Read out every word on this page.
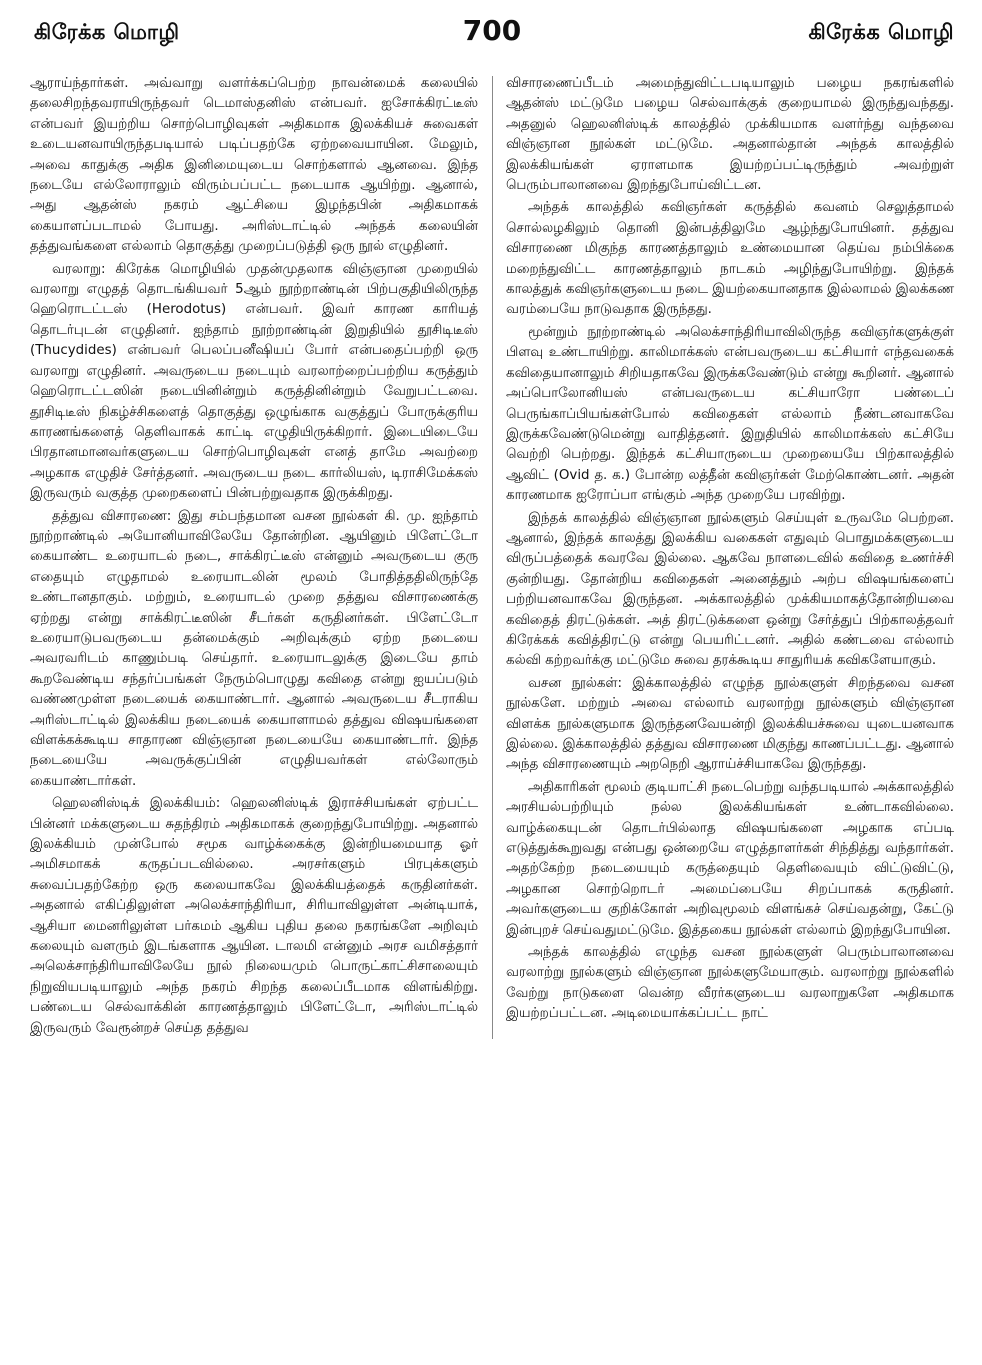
கிரேக்க மொழி	700	கிரேக்க மொழி

ஆராய்ந்தார்கள். அவ்வாறு வளர்க்கப்பெற்ற நாவன்மைக் கலையில் தலைசிறந்தவராயிருந்தவர் டெமாஸ்தனிஸ் என்பவர். ஐசோக்கிரட்டீஸ் என்பவர் இயற்றிய சொற்பொழிவுகள் அதிகமாக இலக்கியச் சுவைகள் உடையனவாயிருந்தபடியால் படிப்பதற்கே ஏற்றவையாயின. மேலும், அவை காதுக்கு அதிக இனிமையுடைய சொற்களால் ஆனவை. இந்த நடையே எல்லோராலும் விரும்பப்பட்ட நடையாக ஆயிற்று. ஆனால், அது ஆதன்ஸ் நகரம் ஆட்சியை இழந்தபின் அதிகமாகக் கையாளப்படாமல் போயது. அரிஸ்டாட்டில் அந்தக் கலையின் தத்துவங்களை எல்லாம் தொகுத்து முறைப்படுத்தி ஒரு நூல் எழுதினர்.

வரலாறு: கிரேக்க மொழியில் முதன்முதலாக விஞ்ஞான முறையில் வரலாறு எழுதத் தொடங்கியவர் 5ஆம் நூற்றாண்டின் பிற்பகுதியிலிருந்த ஹெரொடட்டஸ் (Herodotus) என்பவர். இவர் காரண காரியத் தொடர்புடன் எழுதினர். ஐந்தாம் நூற்றாண்டின் இறுதியில் தூசிடிடீஸ் (Thucydides) என்பவர் பெலப்பனீஷியப் போர் என்பதைப்பற்றி ஒரு வரலாறு எழுதினர். அவருடைய நடையும் வரலாற்றைப்பற்றிய கருத்தும் ஹெரொடட்டஸின் நடையினின்றும் கருத்தினின்றும் வேறுபட்டவை. தூசிடிடீஸ் நிகழ்ச்சிகளைத் தொகுத்து ஒழுங்காக வகுத்துப் போருக்குரிய காரணங்களைத் தெளிவாகக் காட்டி எழுதியிருக்கிறார். இடையிடையே பிரதானமானவர்களுடைய சொற்பொழிவுகள் எனத் தாமே அவற்றை அழகாக எழுதிச் சேர்த்தனர். அவருடைய நடை கார்லியஸ், டிராசிமேக்கஸ் இருவரும் வகுத்த முறைகளைப் பின்பற்றுவதாக இருக்கிறது.

தத்துவ விசாரணை: இது சம்பந்தமான வசன நூல்கள் கி. மு. ஐந்தாம் நூற்றாண்டில் அயோனியாவிலேயே தோன்றின. ஆயினும் பிளேட்டோ கையாண்ட உரையாடல் நடை, சாக்கிரட்டீஸ் என்னும் அவருடைய குரு எதையும் எழுதாமல் உரையாடலின் மூலம் போதித்ததிலிருந்தே உண்டானதாகும். மற்றும், உரையாடல் முறை தத்துவ விசாரணைக்கு ஏற்றது என்று சாக்கிரட்டீஸின் சீடர்கள் கருதினர்கள். பிளேட்டோ உரையாடுபவருடைய தன்மைக்கும் அறிவுக்கும் ஏற்ற நடையை அவரவரிடம் காணும்படி செய்தார். உரையாடலுக்கு இடையே தாம் கூறவேண்டிய சந்தர்ப்பங்கள் நேரும்பொழுது கவிதை என்று ஐயப்படும் வண்ணமுள்ள நடையைக் கையாண்டார். ஆனால் அவருடைய சீடராகிய அரிஸ்டாட்டில் இலக்கிய நடையைக் கையாளாமல் தத்துவ விஷயங்களை விளக்கக்கூடிய சாதாரண விஞ்ஞான நடையையே கையாண்டார். இந்த நடையையே அவருக்குப்பின் எழுதியவர்கள் எல்லோரும் கையாண்டார்கள்.

ஹெலனிஸ்டிக் இலக்கியம்: ஹெலனிஸ்டிக் இராச்சியங்கள் ஏற்பட்ட பின்னர் மக்களுடைய சுதந்திரம் அதிகமாகக் குறைந்துபோயிற்று. அதனால் இலக்கியம் முன்போல் சமூக வாழ்க்கைக்கு இன்றியமையாத ஓர் அமிசமாகக் கருதப்படவில்லை. அரசர்களும் பிரபுக்களும் சுவைப்பதற்கேற்ற ஒரு கலையாகவே இலக்கியத்தைக் கருதினர்கள். அதனால் எகிப்திலுள்ள அலெக்சாந்திரியா, சிரியாவிலுள்ள அன்டியாக், ஆசியா மைனரிலுள்ள பர்கமம் ஆகிய புதிய தலை நகரங்களே அறிவும் கலையும் வளரும் இடங்களாக ஆயின. டாலமி என்னும் அரச வமிசத்தார் அலெக்சாந்திரியாவிலேயே நூல் நிலையமும் பொருட்காட்சிசாலையும் நிறுவியபடியாலும் அந்த நகரம் சிறந்த கலைப்பீடமாக விளங்கிற்று. பண்டைய செல்வாக்கின் காரணத்தாலும் பிளேட்டோ, அரிஸ்டாட்டில் இருவரும் வேரூன்றச் செய்த தத்துவ

விசாரணைப்பீடம் அமைந்துவிட்டபடியாலும் பழைய நகரங்களில் ஆதன்ஸ் மட்டுமே பழைய செல்வாக்குக் குறையாமல் இருந்துவந்தது. அதனுல் ஹெலனிஸ்டிக் காலத்தில் முக்கியமாக வளர்ந்து வந்தவை விஞ்ஞான நூல்கள் மட்டுமே. அதனால்தான் அந்தக் காலத்தில் இலக்கியங்கள் ஏராளமாக இயற்றப்பட்டிருந்தும் அவற்றுள் பெரும்பாலானவை இறந்துபோய்விட்டன.

அந்தக் காலத்தில் கவிஞர்கள் கருத்தில் கவனம் செலுத்தாமல் சொல்லழகிலும் தொனி இன்பத்திலுமே ஆழ்ந்துபோயினர். தத்துவ விசாரணை மிகுந்த காரணத்தாலும் உண்மையான தெய்வ நம்பிக்கை மறைந்துவிட்ட காரணத்தாலும் நாடகம் அழிந்துபோயிற்று. இந்தக் காலத்துக் கவிஞர்களுடைய நடை இயற்கையானதாக இல்லாமல் இலக்கண வரம்பையே நாடுவதாக இருந்தது.

மூன்றும் நூற்றாண்டில் அலெக்சாந்திரியாவிலிருந்த கவிஞர்களுக்குள் பிளவு உண்டாயிற்று. காலிமாக்கஸ் என்பவருடைய கட்சியார் எந்தவகைக் கவிதையானாலும் சிறியதாகவே இருக்கவேண்டும் என்று கூறினர். ஆனால் அப்பொலோனியஸ் என்பவருடைய கட்சியாரோ பண்டைப் பெருங்காப்பியங்கள்போல் கவிதைகள் எல்லாம் நீண்டனவாகவே இருக்கவேண்டுமென்று வாதித்தனர். இறுதியில் காலிமாக்கஸ் கட்சியே வெற்றி பெற்றது. இந்தக் கட்சியாருடைய முறையையே பிற்காலத்தில் ஆவிட் (Ovid த. க.) போன்ற லத்தீன் கவிஞர்கள் மேற்கொண்டனர். அதன் காரணமாக ஐரோப்பா எங்கும் அந்த முறையே பரவிற்று.

இந்தக் காலத்தில் விஞ்ஞான நூல்களும் செய்யுள் உருவமே பெற்றன. ஆனால், இந்தக் காலத்து இலக்கிய வகைகள் எதுவும் பொதுமக்களுடைய விருப்பத்தைக் கவரவே இல்லை. ஆகவே நாளடைவில் கவிதை உணர்ச்சி குன்றியது. தோன்றிய கவிதைகள் அனைத்தும் அற்ப விஷயங்களைப் பற்றியனவாகவே இருந்தன. அக்காலத்தில் முக்கியமாகத்தோன்றியவை கவிதைத் திரட்டுக்கள். அத் திரட்டுக்களை ஒன்று சேர்த்துப் பிற்காலத்தவர் கிரேக்கக் கவித்திரட்டு என்று பெயரிட்டனர். அதில் கண்டவை எல்லாம் கல்வி கற்றவர்க்கு மட்டுமே சுவை தரக்கூடிய சாதுரியக் கவிகளேயாகும்.

வசன நூல்கள்: இக்காலத்தில் எழுந்த நூல்களுள் சிறந்தவை வசன நூல்களே. மற்றும் அவை எல்லாம் வரலாற்று நூல்களும் விஞ்ஞான விளக்க நூல்களுமாக இருந்தனவேயன்றி இலக்கியச்சுவை யுடையனவாக இல்லை. இக்காலத்தில் தத்துவ விசாரணை மிகுந்து காணப்பட்டது. ஆனால் அந்த விசாரணையும் அறநெறி ஆராய்ச்சியாகவே இருந்தது.

அதிகாரிகள் மூலம் குடியாட்சி நடைபெற்று வந்தபடியால் அக்காலத்தில் அரசியல்பற்றியும் நல்ல இலக்கியங்கள் உண்டாகவில்லை. வாழ்க்கையுடன் தொடர்பில்லாத விஷயங்களை அழகாக எப்படி எடுத்துக்கூறுவது என்பது ஒன்றையே எழுத்தாளர்கள் சிந்தித்து வந்தார்கள். அதற்கேற்ற நடையையும் கருத்தையும் தெளிவையும் விட்டுவிட்டு, அழகான சொற்றொடர் அமைப்பையே சிறப்பாகக் கருதினர். அவர்களுடைய குறிக்கோள் அறிவுமூலம் விளங்கச் செய்வதன்று, கேட்டு இன்புறச் செய்வதுமட்டுமே. இத்தகைய நூல்கள் எல்லாம் இறந்துபோயின.

அந்தக் காலத்தில் எழுந்த வசன நூல்களுள் பெரும்பாலானவை வரலாற்று நூல்களும் விஞ்ஞான நூல்களுமேயாகும். வரலாற்று நூல்களில் வேற்று நாடுகளை வென்ற வீரர்களுடைய வரலாறுகளே அதிகமாக இயற்றப்பட்டன. அடிமையாக்கப்பட்ட நாட்
